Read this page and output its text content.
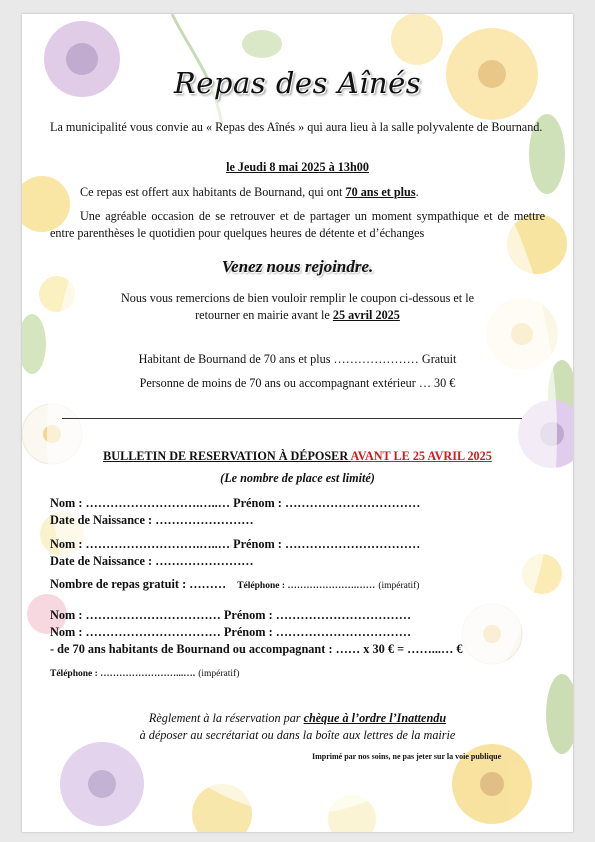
Repas des Aînés
La municipalité vous convie au « Repas des Aînés » qui aura lieu à la salle polyvalente de Bournand.
le Jeudi 8 mai 2025 à 13h00
Ce repas est offert aux habitants de Bournand, qui ont 70 ans et plus.
Une agréable occasion de se retrouver et de partager un moment sympathique et de mettre entre parenthèses le quotidien pour quelques heures de détente et d’échanges
Venez nous rejoindre.
Nous vous remercions de bien vouloir remplir le coupon ci-dessous et le
retourner en mairie avant le 25 avril 2025
Habitant de Bournand de 70 ans et plus ………………… Gratuit
Personne de moins de 70 ans ou accompagnant extérieur … 30 €
BULLETIN DE RESERVATION À DÉPOSER AVANT LE 25 AVRIL 2025
(Le nombre de place est limité)
Nom : ……………………….…..… Prénom : ……………………………
Date de Naissance : ……………………
Nom : ……………………….…..… Prénom : ……………………………
Date de Naissance : ……………………
Nombre de repas gratuit : ……… Téléphone : ………………….…… (impératif)
Nom : …………………………… Prénom : ……………………………
Nom : …………………………… Prénom : ……………………………
- de 70 ans habitants de Bournand ou accompagnant : …… x 30 € = ……...… €
Téléphone : ……………………...…. (impératif)
Règlement à la réservation par chèque à l’ordre l’Inattendu
à déposer au secrétariat ou dans la boîte aux lettres de la mairie
Imprimé par nos soins, ne pas jeter sur la voie publique
